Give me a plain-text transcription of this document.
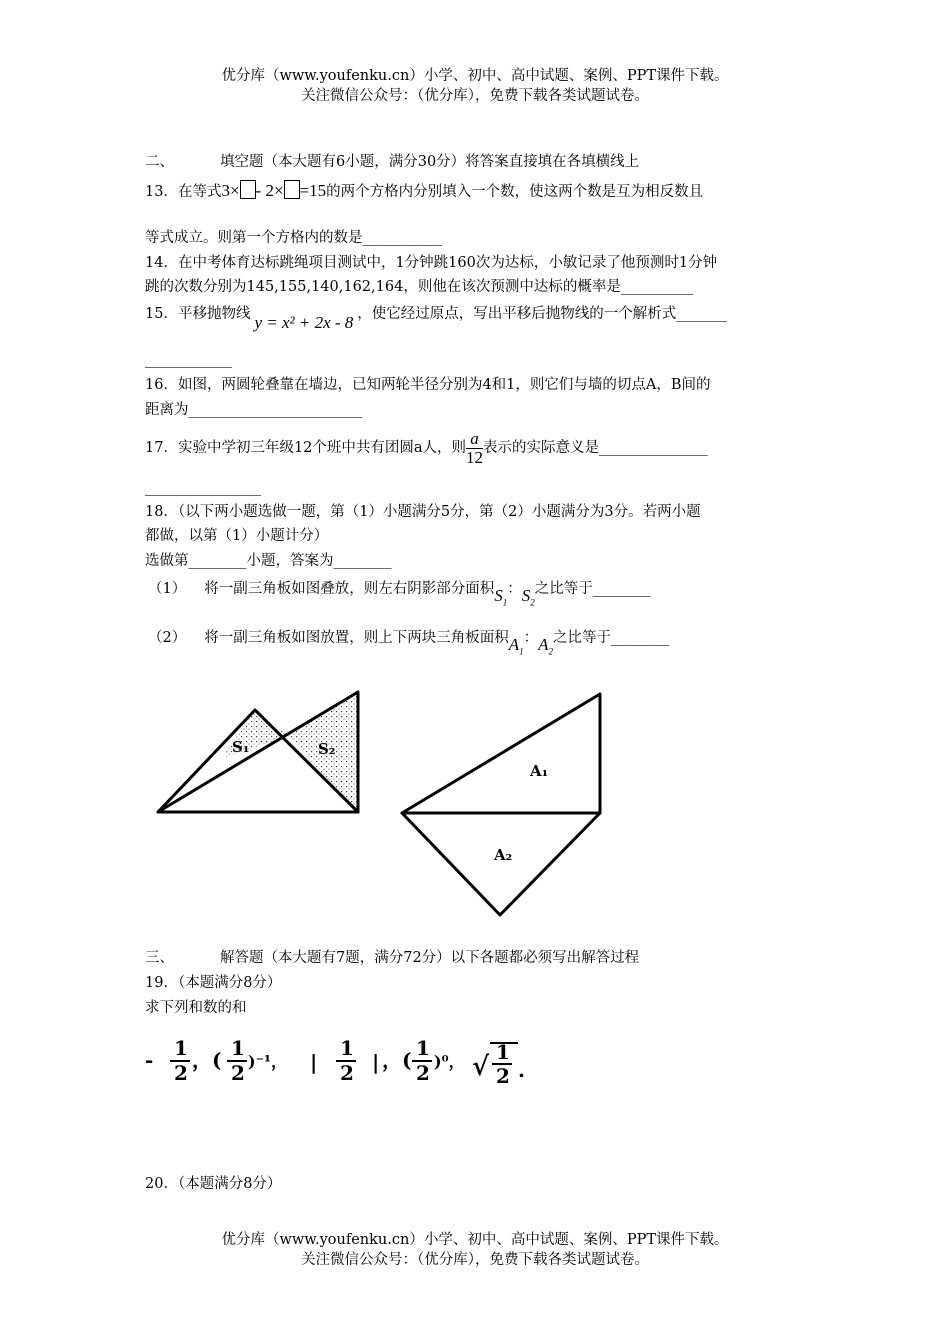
优分库（www.youfenku.cn）小学、初中、高中试题、案例、PPT课件下载。
关注微信公众号：（优分库），免费下载各类试题试卷。
二、	填空题（本大题有6小题，满分30分）将答案直接填在各填横线上
13．在等式3× - 2× =15的两个方格内分别填入一个数，使这两个数是互为相反数且
等式成立。则第一个方格内的数是___________
14．在中考体育达标跳绳项目测试中，1分钟跳160次为达标，小敏记录了他预测时1分钟
跳的次数分别为145,155,140,162,164，则他在该次预测中达标的概率是__________
15．平移抛物线 y = x² + 2x - 8 ，使它经过原点，写出平移后抛物线的一个解析式_______
____________
16．如图，两圆轮叠靠在墙边，已知两轮半径分别为4和1，则它们与墙的切点A，B间的
距离为________________________
17．实验中学初三年级12个班中共有团圆a人，则 $\frac{a}{12}$ 表示的实际意义是_______________
________________
18．（以下两小题选做一题，第（1）小题满分5分，第（2）小题满分为3分。若两小题
都做，以第（1）小题计分）
选做第________小题，答案为________
（1） 将一副三角板如图叠放，则左右阴影部分面积$S_1$：$S_2$之比等于________
（2） 将一副三角板如图放置，则上下两块三角板面积$A_1$：$A_2$之比等于________
S₁	S₂
A₁
A₂
三、	解答题（本大题有7题，满分72分）以下各题都必须写出解答过程
19．（本题满分8分）
求下列和数的和
- 1
2
，( 1
2 )⁻¹， |
1
2 | ，( 1
2 )⁰， √ 1
2 .
20．（本题满分8分）
优分库（www.youfenku.cn）小学、初中、高中试题、案例、PPT课件下载。
关注微信公众号：（优分库），免费下载各类试题试卷。
